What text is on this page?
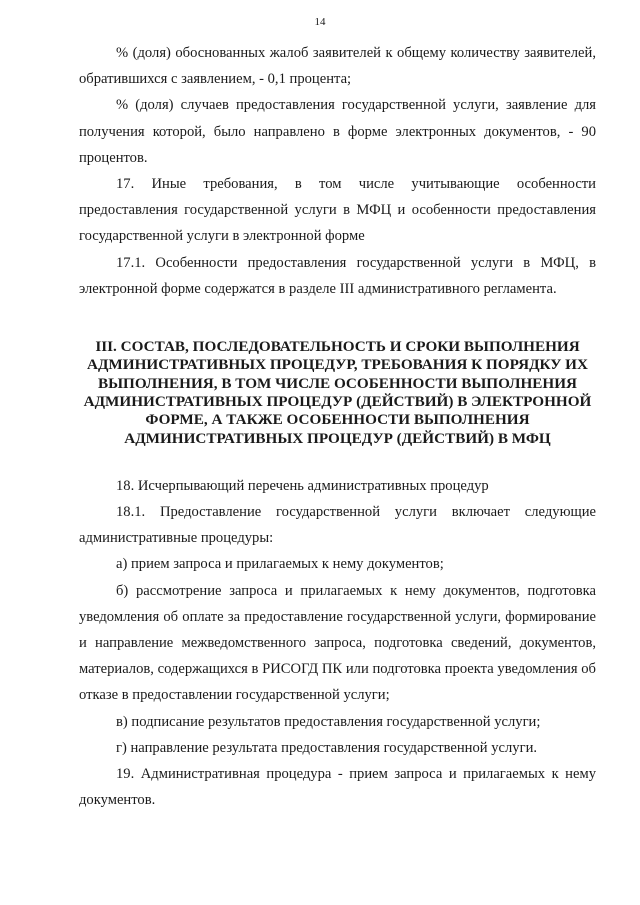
14

% (доля) обоснованных жалоб заявителей к общему количеству заявителей, обратившихся с заявлением, - 0,1 процента;

% (доля) случаев предоставления государственной услуги, заявление для получения которой, было направлено в форме электронных документов, - 90 процентов.

17. Иные требования, в том числе учитывающие особенности предоставления государственной услуги в МФЦ и особенности предоставления государственной услуги в электронной форме

17.1. Особенности предоставления государственной услуги в МФЦ, в электронной форме содержатся в разделе III административного регламента.

III. СОСТАВ, ПОСЛЕДОВАТЕЛЬНОСТЬ И СРОКИ ВЫПОЛНЕНИЯ АДМИНИСТРАТИВНЫХ ПРОЦЕДУР, ТРЕБОВАНИЯ К ПОРЯДКУ ИХ ВЫПОЛНЕНИЯ, В ТОМ ЧИСЛЕ ОСОБЕННОСТИ ВЫПОЛНЕНИЯ АДМИНИСТРАТИВНЫХ ПРОЦЕДУР (ДЕЙСТВИЙ) В ЭЛЕКТРОННОЙ ФОРМЕ, А ТАКЖЕ ОСОБЕННОСТИ ВЫПОЛНЕНИЯ АДМИНИСТРАТИВНЫХ ПРОЦЕДУР (ДЕЙСТВИЙ) В МФЦ

18. Исчерпывающий перечень административных процедур

18.1. Предоставление государственной услуги включает следующие административные процедуры:

а) прием запроса и прилагаемых к нему документов;

б) рассмотрение запроса и прилагаемых к нему документов, подготовка уведомления об оплате за предоставление государственной услуги, формирование и направление межведомственного запроса, подготовка сведений, документов, материалов, содержащихся в РИСОГД ПК или подготовка проекта уведомления об отказе в предоставлении государственной услуги;

в) подписание результатов предоставления государственной услуги;

г) направление результата предоставления государственной услуги.

19. Административная процедура - прием запроса и прилагаемых к нему документов.
